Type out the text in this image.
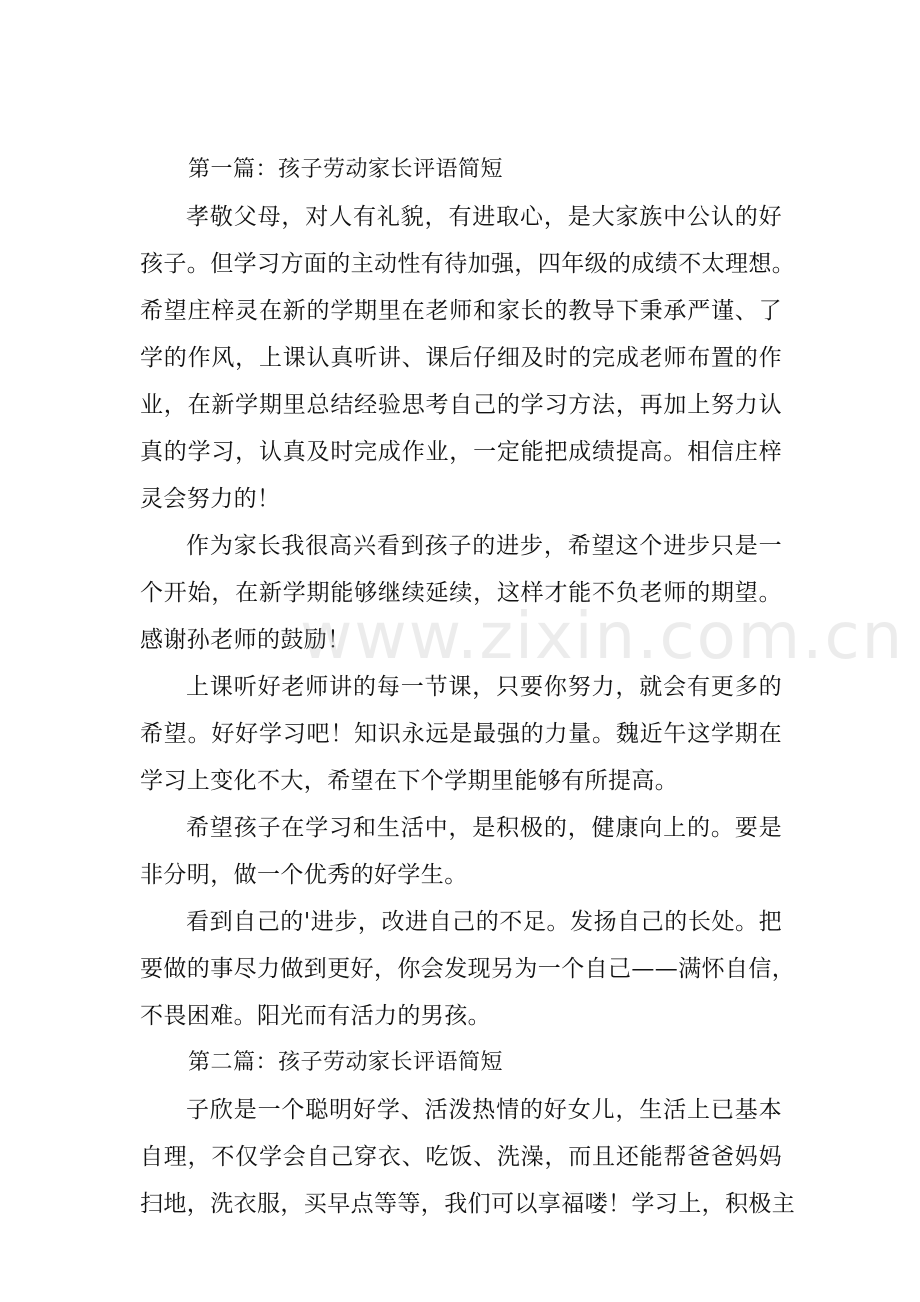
第一篇：孩子劳动家长评语简短
孝敬父母，对人有礼貌，有进取心，是大家族中公认的好
孩子。但学习方面的主动性有待加强，四年级的成绩不太理想。
希望庄梓灵在新的学期里在老师和家长的教导下秉承严谨、了
学的作风，上课认真听讲、课后仔细及时的完成老师布置的作
业，在新学期里总结经验思考自己的学习方法，再加上努力认
真的学习，认真及时完成作业，一定能把成绩提高。相信庄梓
灵会努力的！
作为家长我很高兴看到孩子的进步，希望这个进步只是一
个开始，在新学期能够继续延续，这样才能不负老师的期望。
感谢孙老师的鼓励！
上课听好老师讲的每一节课，只要你努力，就会有更多的
希望。好好学习吧！知识永远是最强的力量。魏近午这学期在
学习上变化不大，希望在下个学期里能够有所提高。
希望孩子在学习和生活中，是积极的，健康向上的。要是
非分明，做一个优秀的好学生。
看到自己的'进步，改进自己的不足。发扬自己的长处。把
要做的事尽力做到更好，你会发现另为一个自己——满怀自信，
不畏困难。阳光而有活力的男孩。
第二篇：孩子劳动家长评语简短
子欣是一个聪明好学、活泼热情的好女儿，生活上已基本
自理，不仅学会自己穿衣、吃饭、洗澡，而且还能帮爸爸妈妈
扫地，洗衣服，买早点等等，我们可以享福喽！学习上，积极主
www.zixin.com.cn
